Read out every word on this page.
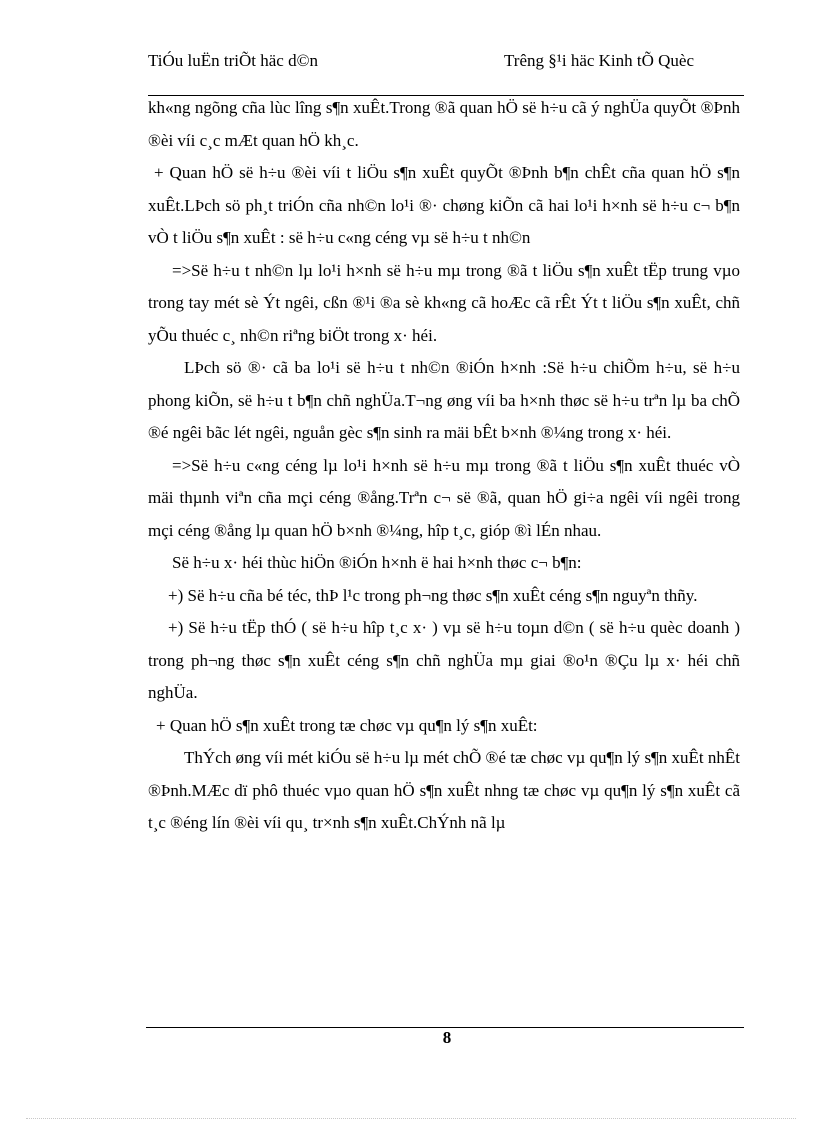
TiÓu luËn triÕt häc d©n	Trêng §¹i häc Kinh tÕ Quèc

kh«ng ngõng cña lùc lîng s¶n xuÊt.Trong ®ã quan hÖ së h÷u cã ý nghÜa quyÕt ®Þnh ®èi víi c¸c mÆt quan hÖ kh¸c.

+ Quan hÖ së h÷u ®èi víi t liÖu s¶n xuÊt quyÕt ®Þnh b¶n chÊt cña quan hÖ s¶n xuÊt.LÞch sö ph¸t triÓn cña nh©n lo¹i ®· chøng kiÕn cã hai lo¹i h×nh së h÷u c¬ b¶n vÒ t liÖu s¶n xuÊt : së h÷u c«ng céng vµ së h÷u t nh©n

=>Së h÷u t nh©n lµ lo¹i h×nh së h÷u mµ trong ®ã t liÖu s¶n xuÊt tËp trung vµo trong tay mét sè Ýt ngêi, cßn ®¹i ®a sè kh«ng cã hoÆc cã rÊt Ýt t liÖu s¶n xuÊt, chñ yÕu thuéc c¸ nh©n riªng biÖt trong x· héi.

LÞch sö ®· cã ba lo¹i së h÷u t nh©n ®iÓn h×nh :Së h÷u chiÕm h÷u, së h÷u phong kiÕn, së h÷u t b¶n chñ nghÜa.T¬ng øng víi ba h×nh thøc së h÷u trªn lµ ba chÕ ®é ngêi bãc lét ngêi, nguån gèc s¶n sinh ra mäi bÊt b×nh ®¼ng trong x· héi.

=>Së h÷u c«ng céng lµ lo¹i h×nh së h÷u mµ trong ®ã t liÖu s¶n xuÊt thuéc vÒ mäi thµnh viªn cña mçi céng ®ång.Trªn c¬ së ®ã, quan hÖ gi÷a ngêi víi ngêi trong mçi céng ®ång lµ quan hÖ b×nh ®¼ng, hîp t¸c, gióp ®ì lÉn nhau.

Së h÷u x· héi thùc hiÖn ®iÓn h×nh ë hai h×nh thøc c¬ b¶n:

+) Së h÷u cña bé téc, thÞ l¹c trong ph¬ng thøc s¶n xuÊt céng s¶n nguyªn thñy.

+) Së h÷u tËp thÓ ( së h÷u hîp t¸c x· ) vµ së h÷u toµn d©n ( së h÷u quèc doanh ) trong ph¬ng thøc s¶n xuÊt céng s¶n chñ nghÜa mµ giai ®o¹n ®Çu lµ x· héi chñ nghÜa.

+ Quan hÖ s¶n xuÊt trong tæ chøc vµ qu¶n lý s¶n xuÊt:

ThÝch øng víi mét kiÓu së h÷u lµ mét chÕ ®é tæ chøc vµ qu¶n lý s¶n xuÊt nhÊt ®Þnh.MÆc dï phô thuéc vµo quan hÖ s¶n xuÊt nhng tæ chøc vµ qu¶n lý s¶n xuÊt cã t¸c ®éng lín ®èi víi qu¸ tr×nh s¶n xuÊt.ChÝnh nã lµ

8
